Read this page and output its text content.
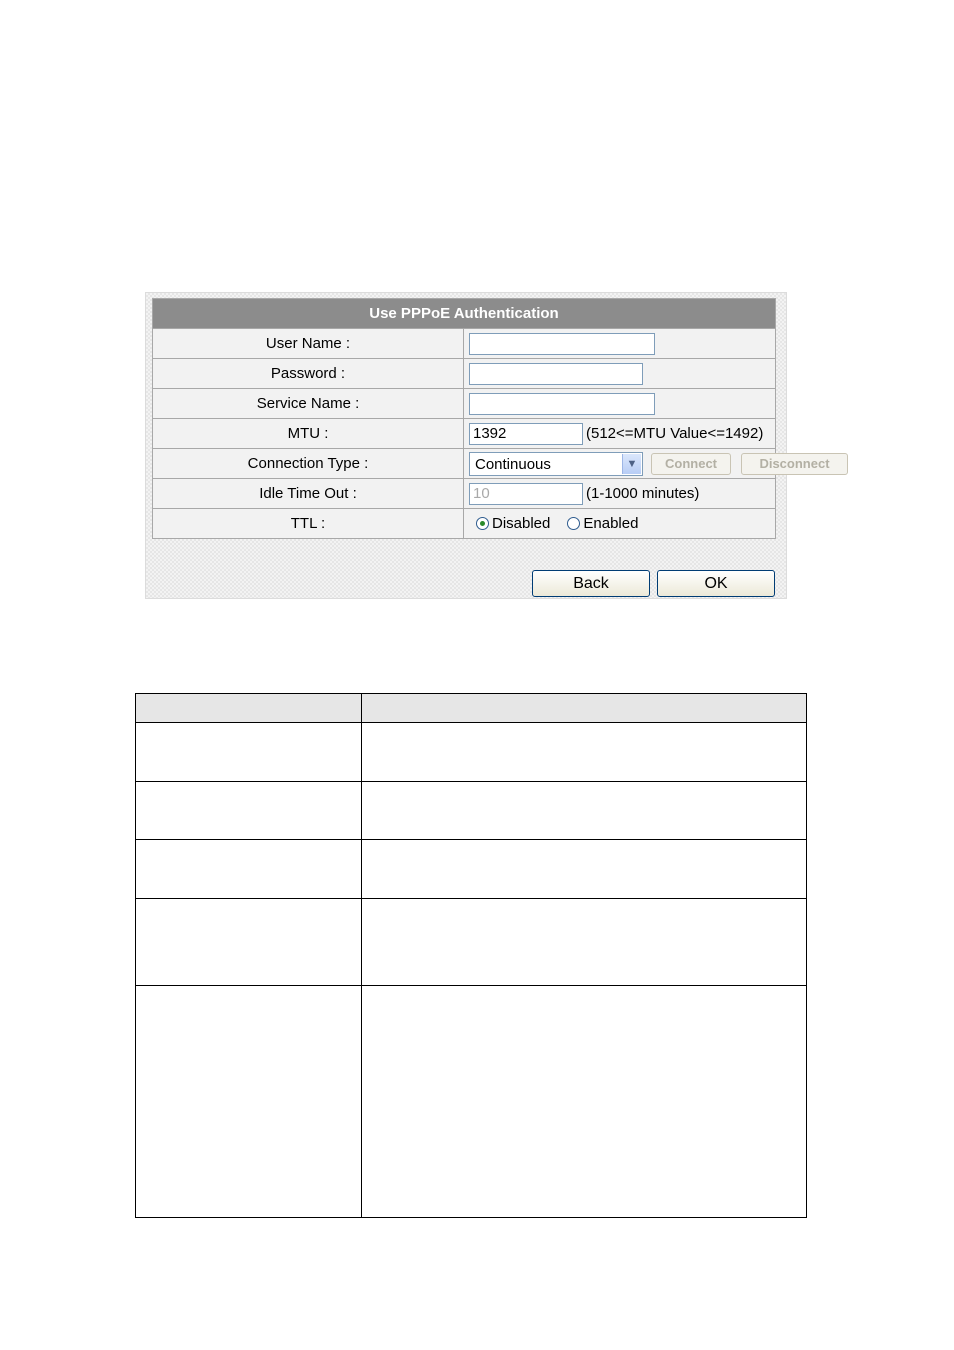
Use PPPoE Authentication	
User Name :	
Password :	
Service Name :	
MTU :	1392(512<=MTU Value<=1492)
Connection Type :	Continuous ▼ Connect Disconnect
Idle Time Out :	10(1-1000 minutes)
TTL :	Disabled Enabled
Back	OK
